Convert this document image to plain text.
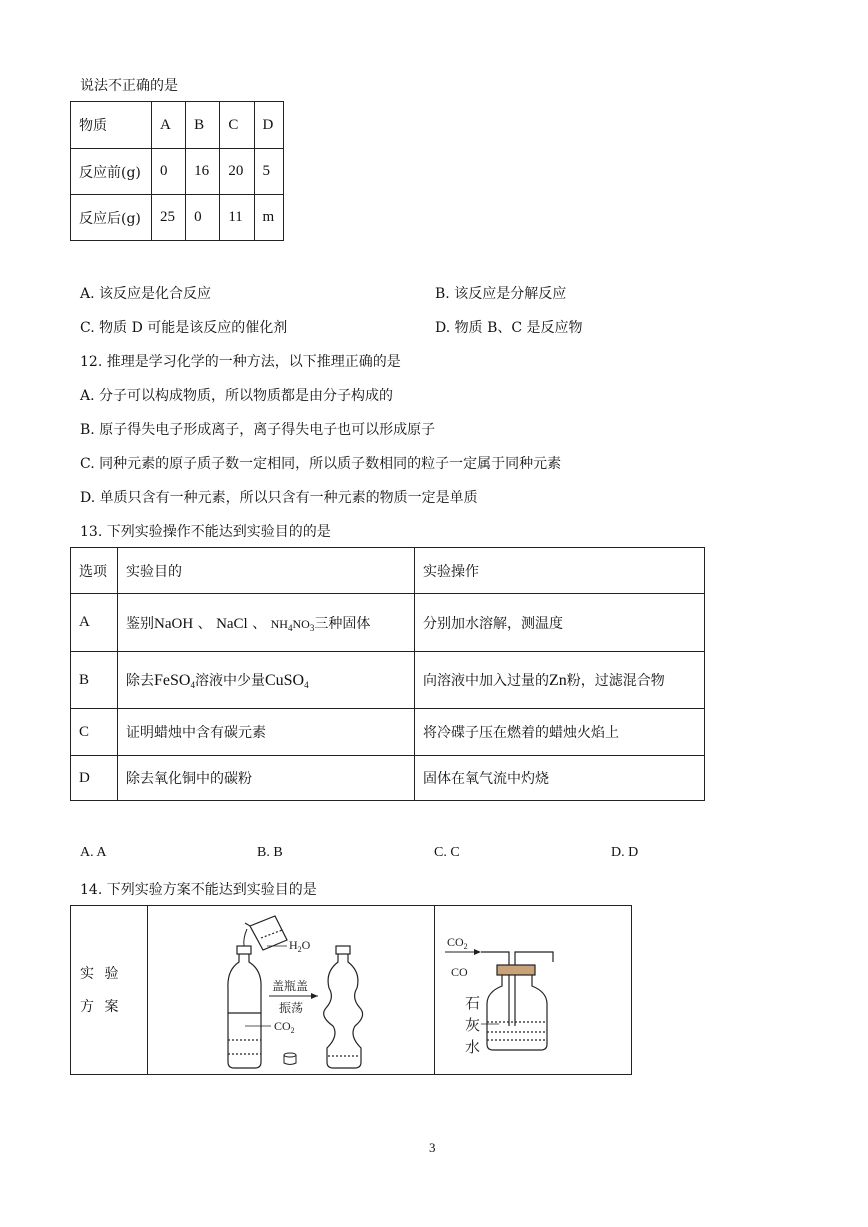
说法不正确的是
物质	A	B	C	D
反应前(g)	0	16	20	5
反应后(g)	25	0	11	m
A. 该反应是化合反应	B. 该反应是分解反应
C. 物质 D 可能是该反应的催化剂	D. 物质 B、C 是反应物
12. 推理是学习化学的一种方法，以下推理正确的是
A. 分子可以构成物质，所以物质都是由分子构成的
B. 原子得失电子形成离子，离子得失电子也可以形成原子
C. 同种元素的原子质子数一定相同，所以质子数相同的粒子一定属于同种元素
D. 单质只含有一种元素，所以只含有一种元素的物质一定是单质
13. 下列实验操作不能达到实验目的的是
选项	实验目的	实验操作
A	鉴别NaOH 、 NaCl 、 $NH_4NO_3$三种固体	分别加水溶解，测温度
B	除去FeSO$_4$溶液中少量CuSO$_4$	向溶液中加入过量的Zn粉，过滤混合物
C	证明蜡烛中含有碳元素	将冷碟子压在燃着的蜡烛火焰上
D	除去氧化铜中的碳粉	固体在氧气流中灼烧
A. A	B. B	C. C	D. D
14. 下列实验方案不能达到实验目的是
实 验 方 案
$H_2O$
$CO_2$
盖瓶盖
振荡
$CO_2$
CO
石
灰
水
3
